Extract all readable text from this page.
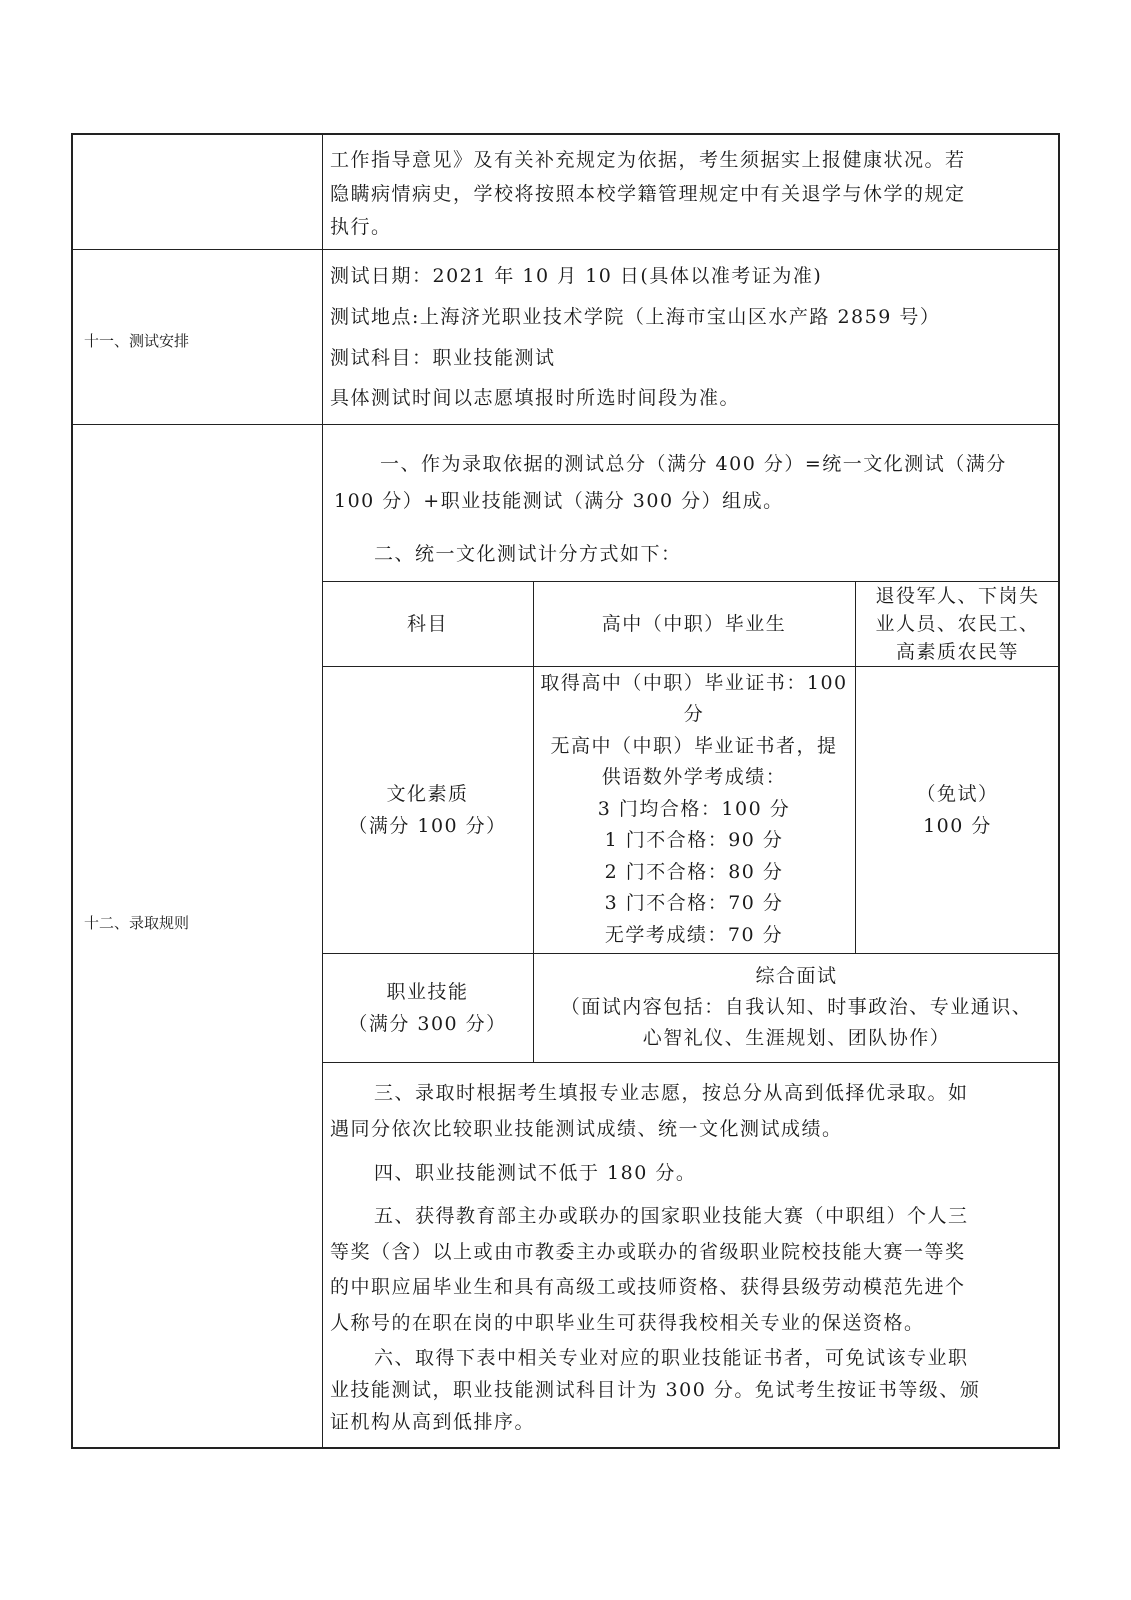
工作指导意见》及有关补充规定为依据，考生须据实上报健康状况。若
隐瞒病情病史，学校将按照本校学籍管理规定中有关退学与休学的规定
执行。
十一、测试安排
测试日期：2021 年 10 月 10 日(具体以准考证为准)
测试地点:上海济光职业技术学院（上海市宝山区水产路 2859 号）
测试科目：职业技能测试
具体测试时间以志愿填报时所选时间段为准。
十二、录取规则
一、作为录取依据的测试总分（满分 400 分）=统一文化测试（满分
100 分）+职业技能测试（满分 300 分）组成。
二、统一文化测试计分方式如下：
科目	高中（中职）毕业生
退役军人、下岗失
业人员、农民工、
高素质农民等
文化素质
（满分 100 分）
取得高中（中职）毕业证书：100
分
无高中（中职）毕业证书者，提
供语数外学考成绩：
3 门均合格：100 分
1 门不合格：90 分
2 门不合格：80 分
3 门不合格：70 分
无学考成绩：70 分
（免试）
100 分
职业技能
（满分 300 分）
综合面试
（面试内容包括：自我认知、时事政治、专业通识、
心智礼仪、生涯规划、团队协作）
三、录取时根据考生填报专业志愿，按总分从高到低择优录取。如
遇同分依次比较职业技能测试成绩、统一文化测试成绩。
四、职业技能测试不低于 180 分。
五、获得教育部主办或联办的国家职业技能大赛（中职组）个人三
等奖（含）以上或由市教委主办或联办的省级职业院校技能大赛一等奖
的中职应届毕业生和具有高级工或技师资格、获得县级劳动模范先进个
人称号的在职在岗的中职毕业生可获得我校相关专业的保送资格。
六、取得下表中相关专业对应的职业技能证书者，可免试该专业职
业技能测试，职业技能测试科目计为 300 分。免试考生按证书等级、颁
证机构从高到低排序。
